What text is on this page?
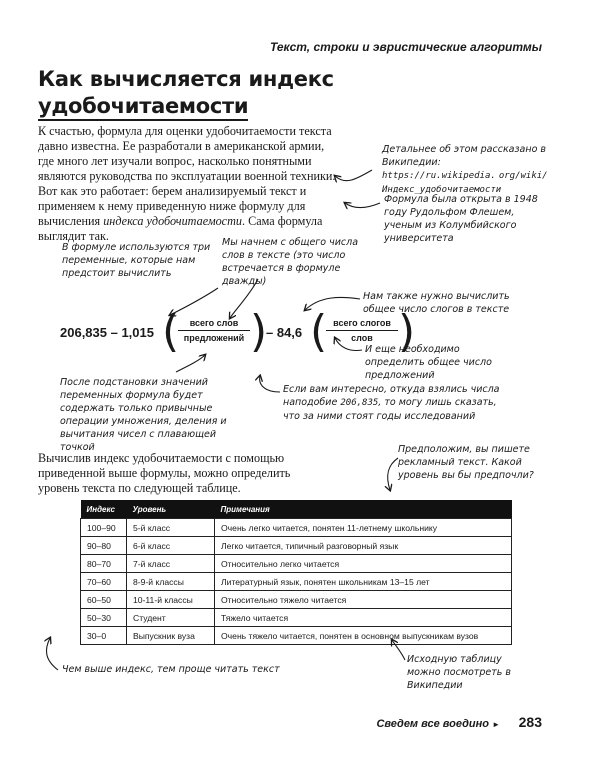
Текст, строки и эвристические алгоритмы
Как вычисляется индекс
удобочитаемости
К счастью, формула для оценки удобочитаемости текста давно известна. Ее разработали в американской армии, где много лет изучали вопрос, насколько понятными являются руководства по эксплуатации военной техники. Вот как это работает: берем анализируемый текст и применяем к нему приведенную ниже формулу для вычисления индекса удобочитаемости. Сама формула выглядит так.
Детальнее об этом рассказано в Википедии: https://ru.wikipedia. org/wiki/Индекс_удобочитаемости
Формула была открыта в 1948 году Рудольфом Флешем, ученым из Колумбийского университета
В формуле используются три переменные, которые нам предстоит вычислить
Мы начнем с общего числа слов в тексте (это число встречается в формуле дважды)
Нам также нужно вычислить общее число слогов в тексте
И еще необходимо определить общее число предложений
После подстановки значений переменных формула будет содержать только привычные операции умножения, деления и вычитания чисел с плавающей точкой
Если вам интересно, откуда взялись числа наподобие 206,835, то могу лишь сказать, что за ними стоят годы исследований
206,835 – 1,015 (	всего слов
предложений )
– 84,6 ( всего слогов
слов )
Вычислив индекс удобочитаемости с помощью приведенной выше формулы, можно определить уровень текста по следующей таблице.
Предположим, вы пишете рекламный текст. Какой уровень вы бы предпочли?
Индекс	Уровень	Примечания
100–90	5-й класс	Очень легко читается, понятен 11-летнему школьнику
90–80	6-й класс	Легко читается, типичный разговорный язык
80–70	7-й класс	Относительно легко читается
70–60	8-9-й классы	Литературный язык, понятен школьникам 13–15 лет
60–50	10-11-й классы	Относительно тяжело читается
50–30	Студент	Тяжело читается
30–0	Выпускник вуза	Очень тяжело читается, понятен в основном выпускникам вузов
Чем выше индекс, тем проще читать текст
Исходную таблицу можно посмотреть в Википедии
Сведем все воедино ► 283
